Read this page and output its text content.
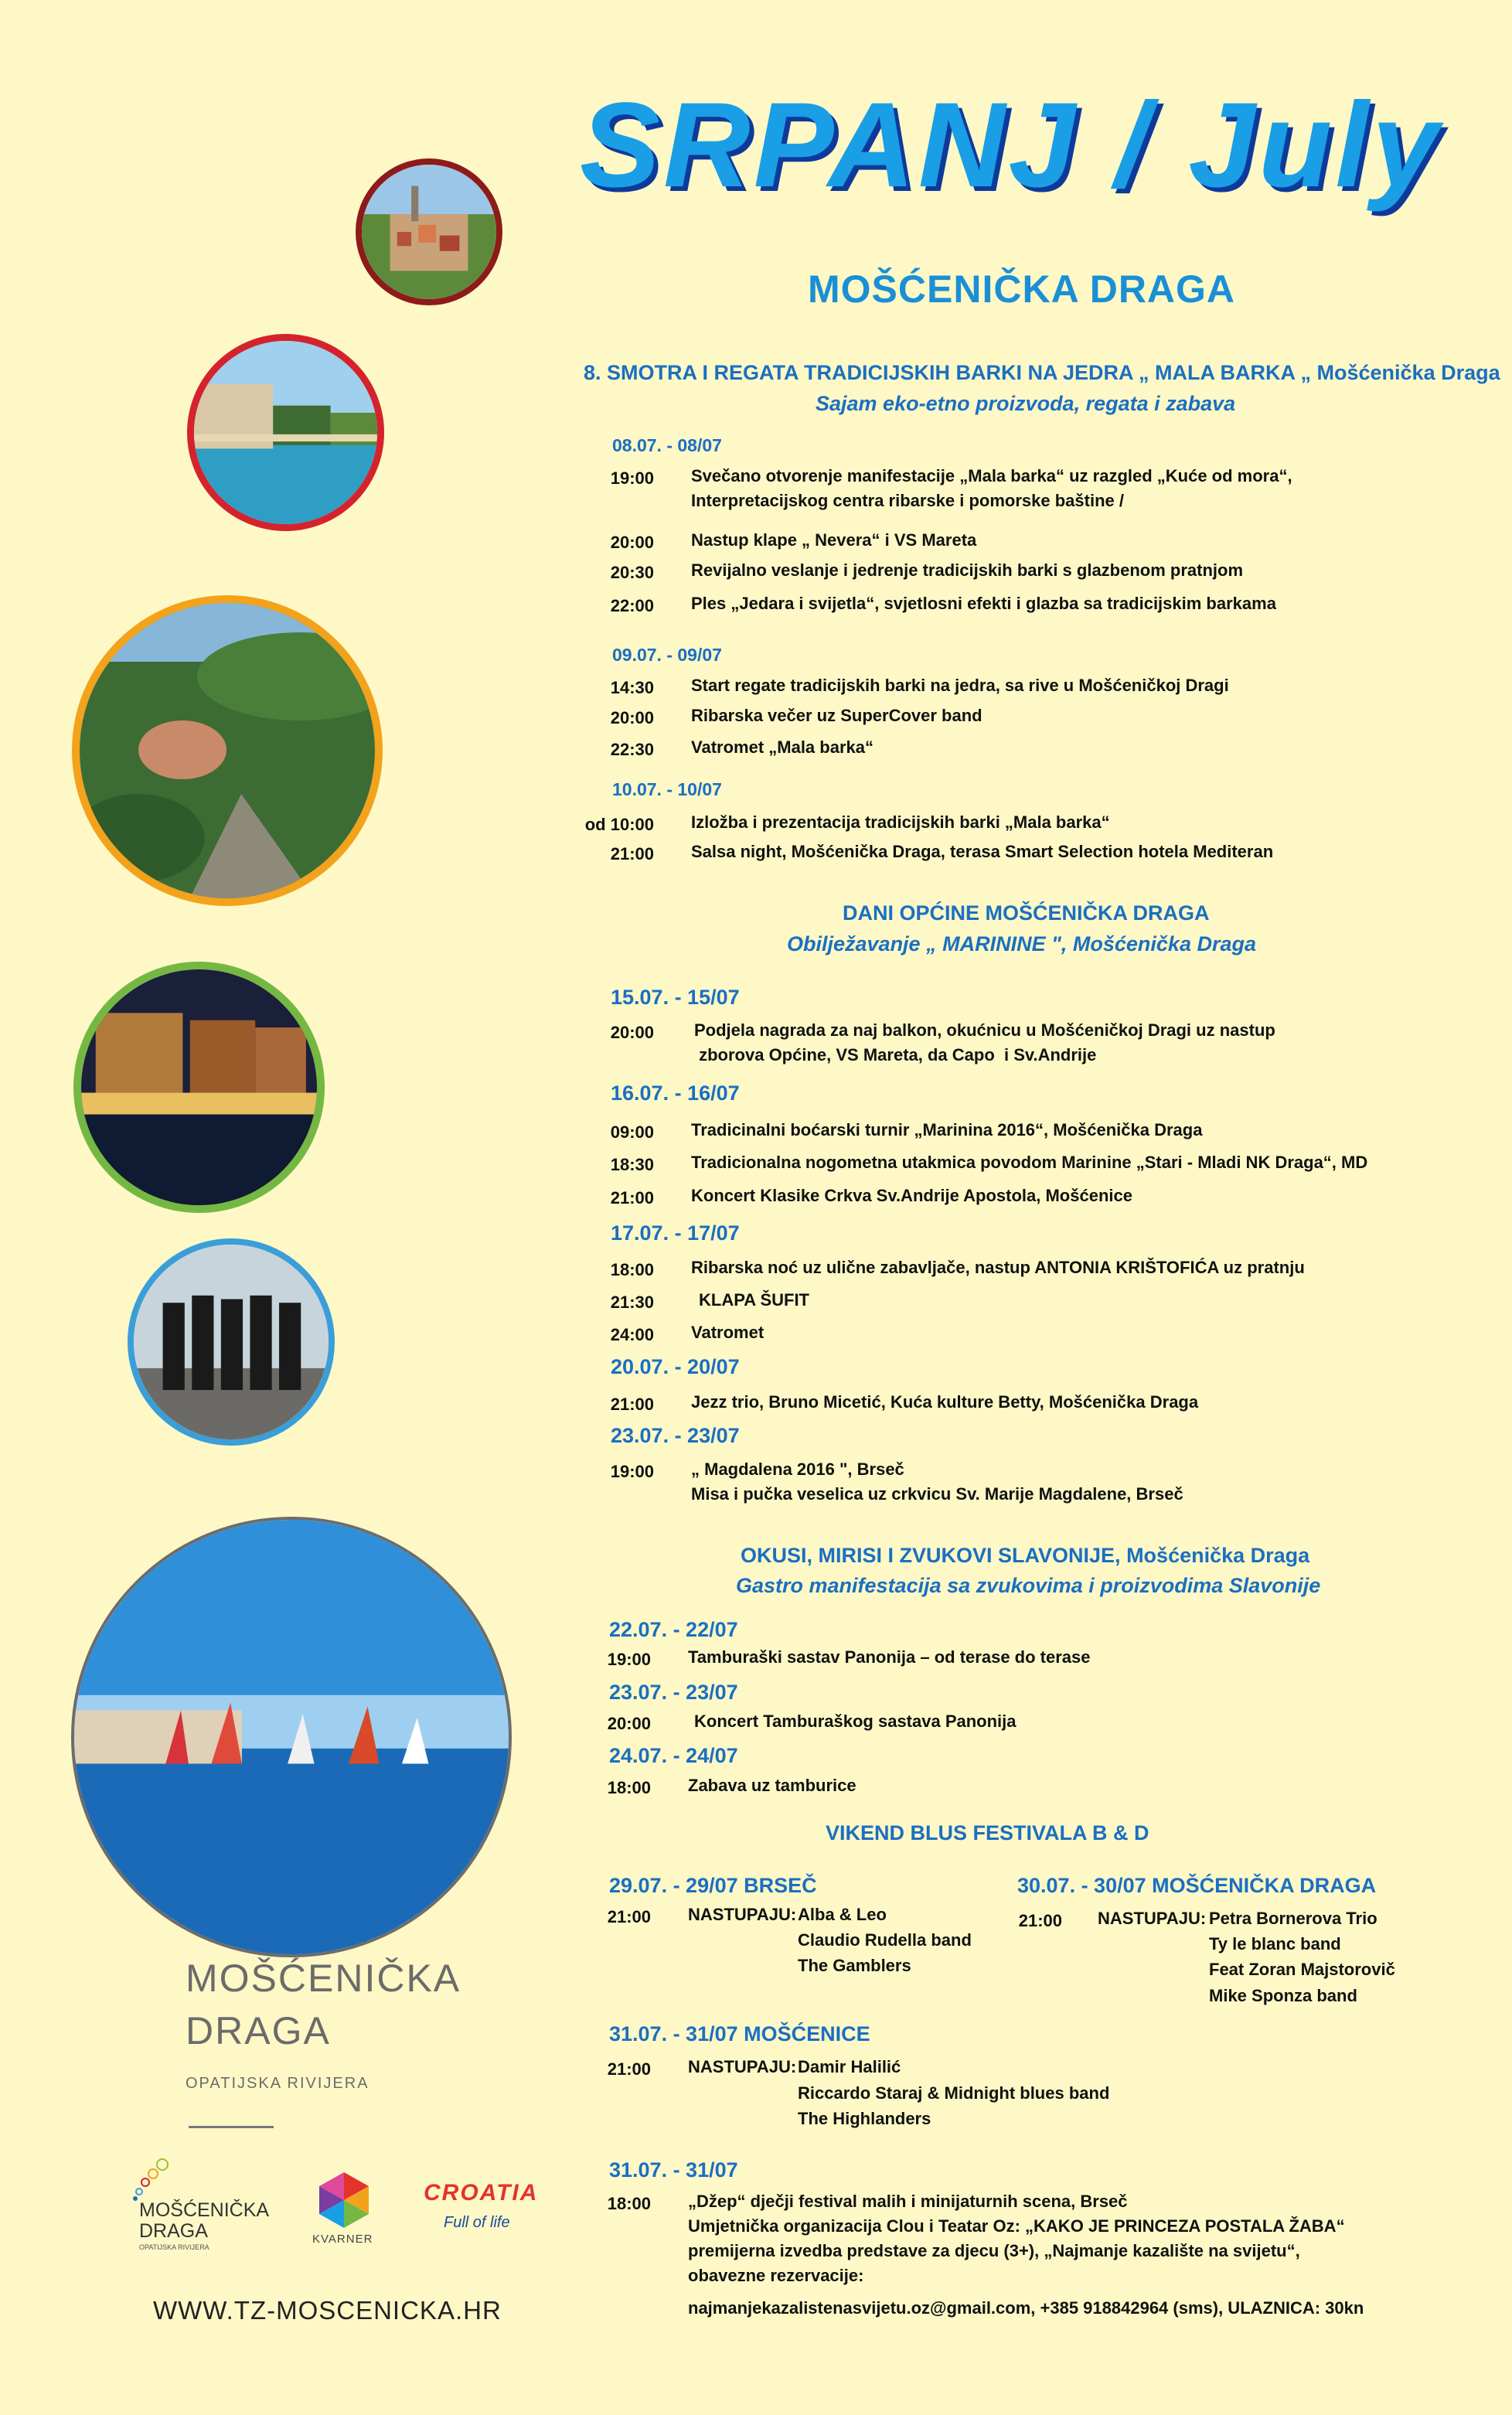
SRPANJ / July
MOŠĆENIČKA DRAGA
8. SMOTRA I REGATA TRADICIJSKIH BARKI NA JEDRA „ MALA BARKA „ Mošćenička Draga
Sajam eko-etno proizvoda, regata i zabava
08.07. - 08/07
19:00 Svečano otvorenje manifestacije „Mala barka“ uz razgled „Kuće od mora“,
Interpretacijskog centra ribarske i pomorske baštine /
20:00 Nastup klape „ Nevera“ i VS Mareta
20:30 Revijalno veslanje i jedrenje tradicijskih barki s glazbenom pratnjom
22:00 Ples „Jedara i svijetla“, svjetlosni efekti i glazba sa tradicijskim barkama
09.07. - 09/07
14:30 Start regate tradicijskih barki na jedra, sa rive u Mošćeničkoj Dragi
20:00 Ribarska večer uz SuperCover band
22:30 Vatromet „Mala barka“
10.07. - 10/07
od 10:00 Izložba i prezentacija tradicijskih barki „Mala barka“
21:00 Salsa night, Mošćenička Draga, terasa Smart Selection hotela Mediteran
DANI OPĆINE MOŠĆENIČKA DRAGA
Obilježavanje „ MARININE ", Mošćenička Draga
15.07. - 15/07
20:00 Podjela nagrada za naj balkon, okućnicu u Mošćeničkoj Dragi uz nastup
zborova Općine, VS Mareta, da Capo  i Sv.Andrije
16.07. - 16/07
09:00 Tradicinalni boćarski turnir „Marinina 2016“, Mošćenička Draga
18:30 Tradicionalna nogometna utakmica povodom Marinine „Stari - Mladi NK Draga“, MD
21:00 Koncert Klasike Crkva Sv.Andrije Apostola, Mošćenice
17.07. - 17/07
18:00 Ribarska noć uz ulične zabavljače, nastup ANTONIA KRIŠTOFIĆA uz pratnju
21:30	KLAPA ŠUFIT
24:00 Vatromet
20.07. - 20/07
21:00 Jezz trio, Bruno Micetić, Kuća kulture Betty, Mošćenička Draga
23.07. - 23/07
19:00 „ Magdalena 2016 ", Brseč
Misa i pučka veselica uz crkvicu Sv. Marije Magdalene, Brseč
OKUSI, MIRISI I ZVUKOVI SLAVONIJE, Mošćenička Draga
Gastro manifestacija sa zvukovima i proizvodima Slavonije
22.07. - 22/07
19:00 Tamburaški sastav Panonija – od terase do terase
23.07. - 23/07
20:00	Koncert Tamburaškog sastava Panonija
24.07. - 24/07
18:00 Zabava uz tamburice
VIKEND BLUS FESTIVALA B & D
29.07. - 29/07 BRSEČ
21:00 NASTUPAJU: Alba & Leo
Claudio Rudella band
The Gamblers
30.07. - 30/07 MOŠĆENIČKA DRAGA
21:00 NASTUPAJU: Petra Bornerova Trio
Ty le blanc band
Feat Zoran Majstorovič
Mike Sponza band
31.07. - 31/07 MOŠĆENICE
21:00 NASTUPAJU: Damir Halilić
Riccardo Staraj & Midnight blues band
The Highlanders
31.07. - 31/07
18:00 „Džep“ dječji festival malih i minijaturnih scena, Brseč
Umjetnička organizacija Clou i Teatar Oz: „KAKO JE PRINCEZA POSTALA ŽABA“
premijerna izvedba predstave za djecu (3+), „Najmanje kazalište na svijetu“,
obavezne rezervacije:
najmanjekazalistenasvijetu.oz@gmail.com, +385 918842964 (sms), ULAZNICA: 30kn
MOŠĆENIČKA
DRAGA
OPATIJSKA RIVIJERA
MOŠĆENIČKA
DRAGA
OPATIJSKA RIVIJERA
KVARNER
CROATIA
Full of life
WWW.TZ-MOSCENICKA.HR
